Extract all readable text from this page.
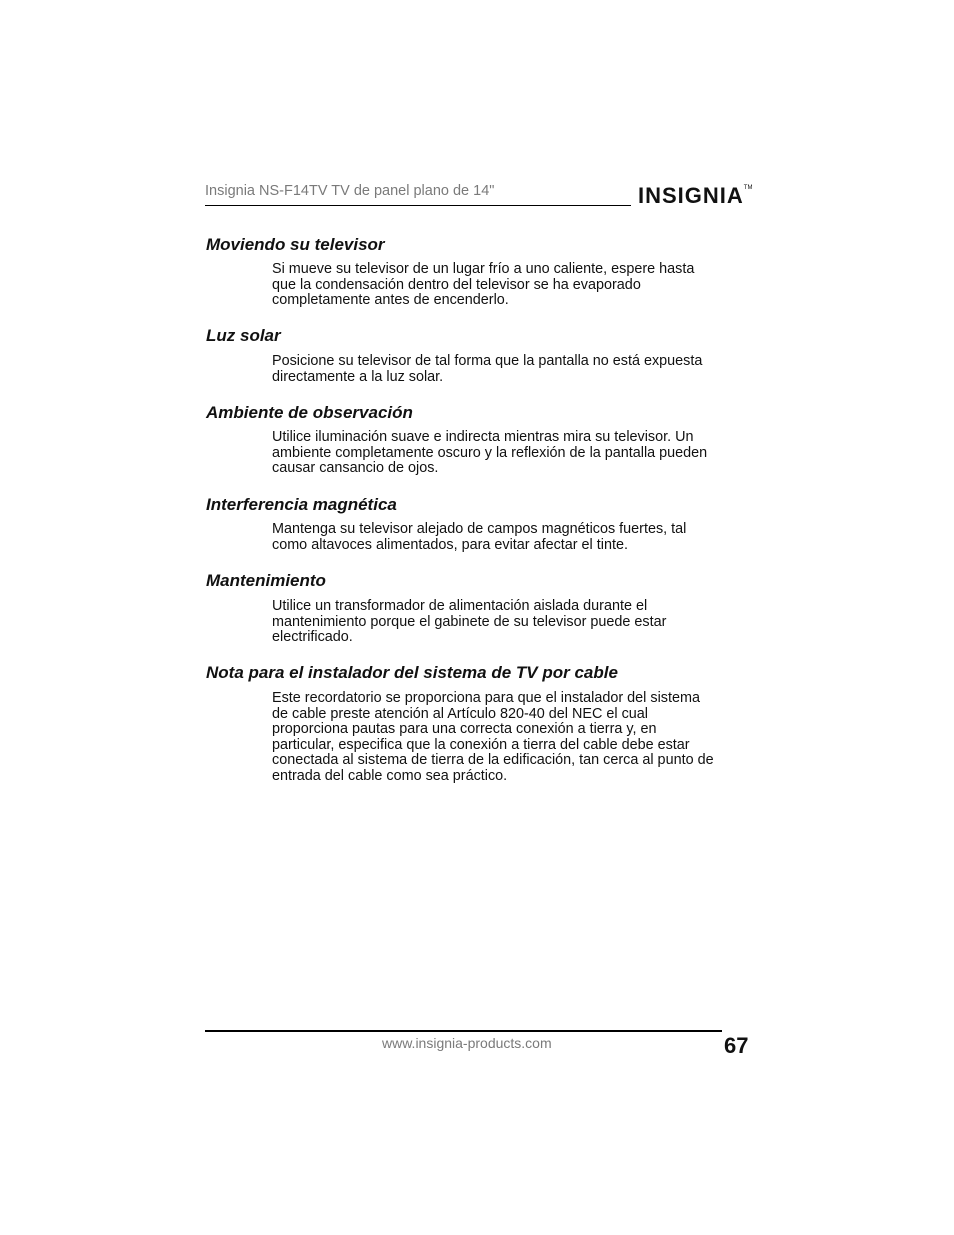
Insignia NS-F14TV TV de panel plano de 14"	INSIGNIA™
Moviendo su televisor
Si mueve su televisor de un lugar frío a uno caliente, espere hasta
que la condensación dentro del televisor se ha evaporado
completamente antes de encenderlo.
Luz solar
Posicione su televisor de tal forma que la pantalla no está expuesta
directamente a la luz solar.
Ambiente de observación
Utilice iluminación suave e indirecta mientras mira su televisor. Un
ambiente completamente oscuro y la reflexión de la pantalla pueden
causar cansancio de ojos.
Interferencia magnética
Mantenga su televisor alejado de campos magnéticos fuertes, tal
como altavoces alimentados, para evitar afectar el tinte.
Mantenimiento
Utilice un transformador de alimentación aislada durante el
mantenimiento porque el gabinete de su televisor puede estar
electrificado.
Nota para el instalador del sistema de TV por cable
Este recordatorio se proporciona para que el instalador del sistema
de cable preste atención al Artículo 820-40 del NEC el cual
proporciona pautas para una correcta conexión a tierra y, en
particular, especifica que la conexión a tierra del cable debe estar
conectada al sistema de tierra de la edificación, tan cerca al punto de
entrada del cable como sea práctico.
www.insignia-products.com	67
